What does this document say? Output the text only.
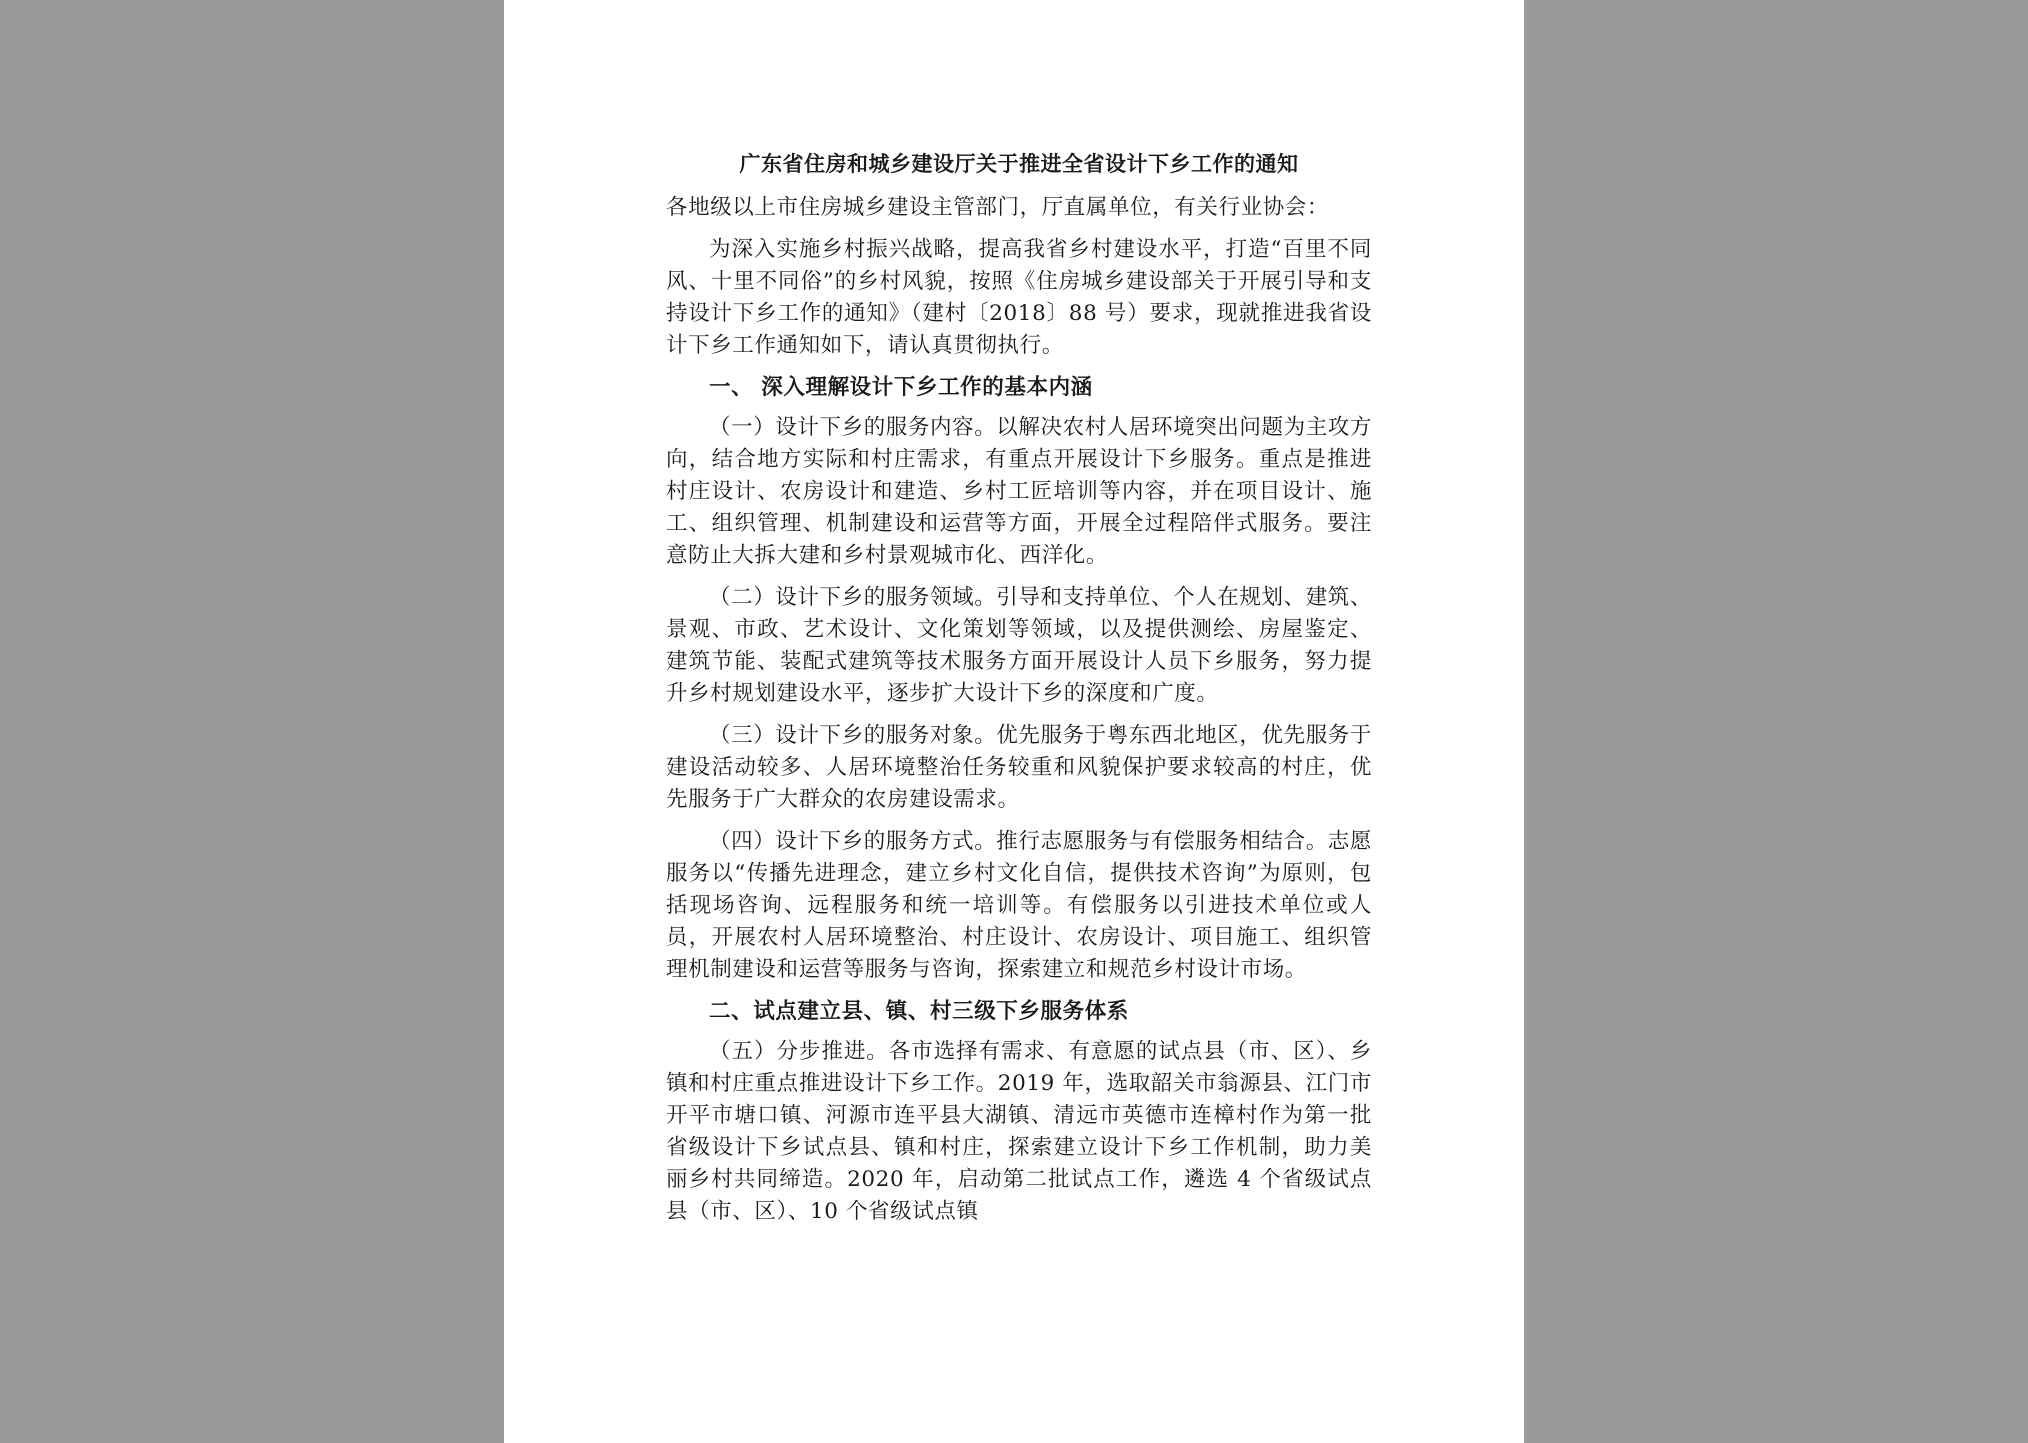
广东省住房和城乡建设厅关于推进全省设计下乡工作的通知

各地级以上市住房城乡建设主管部门，厅直属单位，有关行业协会：

为深入实施乡村振兴战略，提高我省乡村建设水平，打造“百里不同风、十里不同俗”的乡村风貌，按照《住房城乡建设部关于开展引导和支持设计下乡工作的通知》（建村〔2018〕88 号）要求，现就推进我省设计下乡工作通知如下，请认真贯彻执行。

一、 深入理解设计下乡工作的基本内涵

（一）设计下乡的服务内容。以解决农村人居环境突出问题为主攻方向，结合地方实际和村庄需求，有重点开展设计下乡服务。重点是推进村庄设计、农房设计和建造、乡村工匠培训等内容，并在项目设计、施工、组织管理、机制建设和运营等方面，开展全过程陪伴式服务。要注意防止大拆大建和乡村景观城市化、西洋化。

（二）设计下乡的服务领域。引导和支持单位、个人在规划、建筑、景观、市政、艺术设计、文化策划等领域，以及提供测绘、房屋鉴定、建筑节能、装配式建筑等技术服务方面开展设计人员下乡服务，努力提升乡村规划建设水平，逐步扩大设计下乡的深度和广度。

（三）设计下乡的服务对象。优先服务于粤东西北地区，优先服务于建设活动较多、人居环境整治任务较重和风貌保护要求较高的村庄，优先服务于广大群众的农房建设需求。

（四）设计下乡的服务方式。推行志愿服务与有偿服务相结合。志愿服务以“传播先进理念，建立乡村文化自信，提供技术咨询”为原则，包括现场咨询、远程服务和统一培训等。有偿服务以引进技术单位或人员，开展农村人居环境整治、村庄设计、农房设计、项目施工、组织管理机制建设和运营等服务与咨询，探索建立和规范乡村设计市场。

二、试点建立县、镇、村三级下乡服务体系

（五）分步推进。各市选择有需求、有意愿的试点县（市、区）、乡镇和村庄重点推进设计下乡工作。2019 年，选取韶关市翁源县、江门市开平市塘口镇、河源市连平县大湖镇、清远市英德市连樟村作为第一批省级设计下乡试点县、镇和村庄，探索建立设计下乡工作机制，助力美丽乡村共同缔造。2020 年，启动第二批试点工作，遴选 4 个省级试点县（市、区）、10 个省级试点镇
